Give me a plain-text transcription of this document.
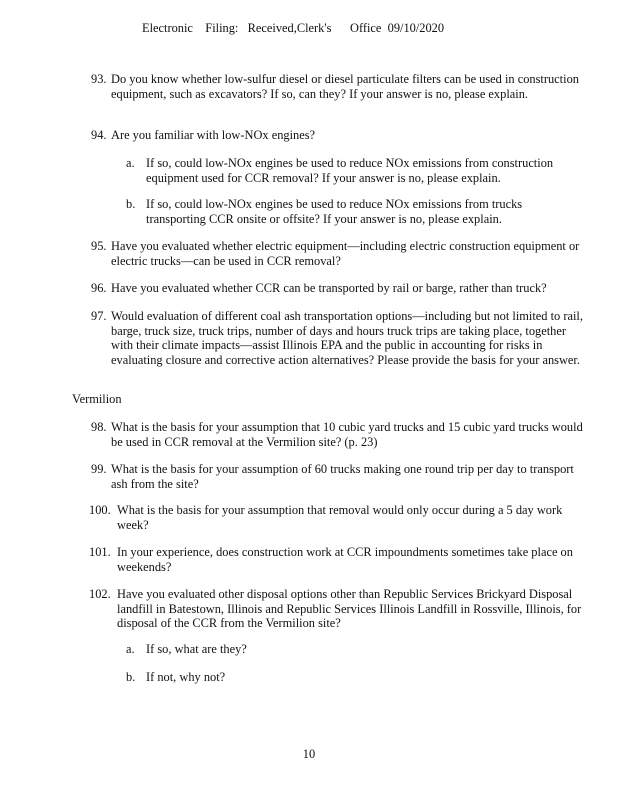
Electronic    Filing:   Received,Clerk's      Office  09/10/2020
93. Do you know whether low-sulfur diesel or diesel particulate filters can be used in construction equipment, such as excavators? If so, can they? If your answer is no, please explain.
94. Are you familiar with low-NOx engines?
a. If so, could low-NOx engines be used to reduce NOx emissions from construction equipment used for CCR removal? If your answer is no, please explain.
b. If so, could low-NOx engines be used to reduce NOx emissions from trucks transporting CCR onsite or offsite? If your answer is no, please explain.
95. Have you evaluated whether electric equipment—including electric construction equipment or electric trucks—can be used in CCR removal?
96. Have you evaluated whether CCR can be transported by rail or barge, rather than truck?
97. Would evaluation of different coal ash transportation options—including but not limited to rail, barge, truck size, truck trips, number of days and hours truck trips are taking place, together with their climate impacts—assist Illinois EPA and the public in accounting for risks in evaluating closure and corrective action alternatives? Please provide the basis for your answer.
Vermilion
98. What is the basis for your assumption that 10 cubic yard trucks and 15 cubic yard trucks would be used in CCR removal at the Vermilion site? (p. 23)
99. What is the basis for your assumption of 60 trucks making one round trip per day to transport ash from the site?
100. What is the basis for your assumption that removal would only occur during a 5 day work week?
101. In your experience, does construction work at CCR impoundments sometimes take place on weekends?
102. Have you evaluated other disposal options other than Republic Services Brickyard Disposal landfill in Batestown, Illinois and Republic Services Illinois Landfill in Rossville, Illinois, for disposal of the CCR from the Vermilion site?
a. If so, what are they?
b. If not, why not?
10
